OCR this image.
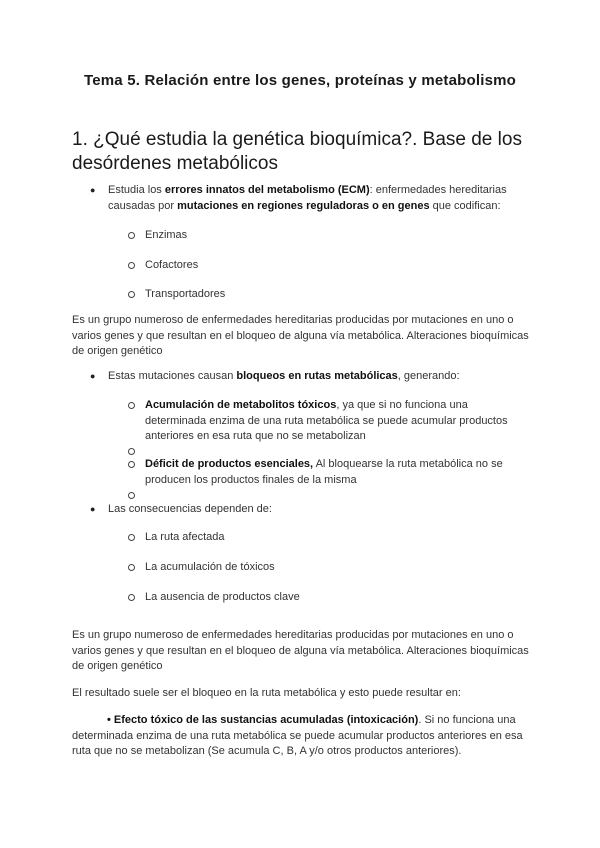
Tema 5. Relación entre los genes, proteínas y metabolismo
1. ¿Qué estudia la genética bioquímica?. Base de los desórdenes metabólicos
● Estudia los errores innatos del metabolismo (ECM): enfermedades hereditarias causadas por mutaciones en regiones reguladoras o en genes que codifican:
Enzimas
Cofactores
Transportadores
Es un grupo numeroso de enfermedades hereditarias producidas por mutaciones en uno o varios genes y que resultan en el bloqueo de alguna vía metabólica. Alteraciones bioquímicas de origen genético
● Estas mutaciones causan bloqueos en rutas metabólicas, generando:
Acumulación de metabolitos tóxicos, ya que si no funciona una determinada enzima de una ruta metabólica se puede acumular productos anteriores en esa ruta que no se metabolizan
Déficit de productos esenciales, Al bloquearse la ruta metabólica no se producen los productos finales de la misma
● Las consecuencias dependen de:
La ruta afectada
La acumulación de tóxicos
La ausencia de productos clave
Es un grupo numeroso de enfermedades hereditarias producidas por mutaciones en uno o varios genes y que resultan en el bloqueo de alguna vía metabólica. Alteraciones bioquímicas de origen genético
El resultado suele ser el bloqueo en la ruta metabólica y esto puede resultar en:
• Efecto tóxico de las sustancias acumuladas (intoxicación). Si no funciona una determinada enzima de una ruta metabólica se puede acumular productos anteriores en esa ruta que no se metabolizan (Se acumula C, B, A y/o otros productos anteriores).
